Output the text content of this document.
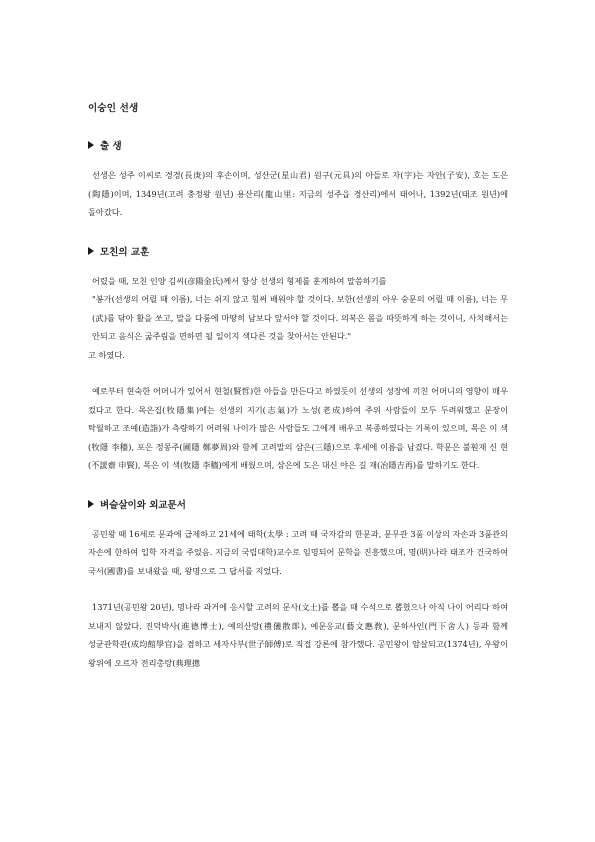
이숭인 선생
출 생

선생은 성주 이씨로 경경(長庚)의 후손이며, 성산군(星山君) 원구(元具)의 아들로 자(字)는 자안(子安), 호는 도은(陶隱)이며, 1349년(고려 충정왕 원년) 용산리(龍山里: 지금의 성주읍 경산리)에서 태어나, 1392년(태조 원년)에 돌아갔다.

모친의 교훈

어렸을 때, 모친 인양 김씨(彦陽金氏)께서 항상 선생의 형제를 훈계하여 말씀하기를

"봉가(선생의 어릴 때 이름), 너는 쉬지 않고 힘써 배워야 할 것이다. 보한(선생의 아우 숭문의 어릴 때 이름), 너는 무(武)를 닦아 활을 쏘고, 말을 다룸에 마땅히 남보다 앞서야 할 것이다. 의복은 몸을 따뜻하게 하는 것이니, 사치해서는 안되고 음식은 굶주림을 면하면 될 일이지 색다른 것을 찾아서는 안된다."

고 하였다.

예로부터 현숙한 어머니가 있어서 현철(賢哲)한 아들을 만든다고 하였듯이 선생의 성장에 끼친 어머니의 영향이 매우 컸다고 한다. 목은집(牧隱集)에는 선생의 지기(志氣)가 노성(老成)하여 주위 사람들이 모두 두려워했고 문장이 탁월하고 조예(造詣)가 측량하기 어려워 나이가 많은 사람들도 그에게 배우고 복종하였다는 기록이 있으며, 목은 이 색(牧隱 李穡), 포은 정몽주(圃隱 鄭夢周)와 함께 고려말의 삼은(三隱)으로 후세에 이름을 남겼다. 학문은 불훤재 신 현(不諼齋 申賢), 목은 이 색(牧隱 李穡)에게 배웠으며, 삼은에 도은 대신 야은 길 재(冶隱吉再)를 말하기도 한다.

벼슬살이와 외교문서

공민왕 때 16세로 문과에 급제하고 21세에 태학(太學 : 고려 때 국자감의 한문과, 문무관 3품 이상의 자손과 3품관의 자손에 한하여 입학 자격을 주었음. 지금의 국립대학)교수로 임명되어 문학을 진흥했으며, 명(明)나라 태조가 건국하여 국서(國書)를 보내왔을 때, 왕명으로 그 답서를 지었다.

1371년(공민왕 20년), 명나라 과거에 응시할 고려의 문사(文士)를 뽑을 때 수석으로 뽑혔으나 아직 나이 어리다 하여 보내지 않았다. 진덕박사(進德博士), 예의산랑(禮儀散郞), 예문응교(藝文應敎), 문하사인(門下舍人) 등과 함께 성균관학관(成均館學官)을 겸하고 세자사부(世子師傅)로 직접 강론에 참가했다. 공민왕이 암살되고(1374년), 우왕이 왕위에 오르자 전리총랑(典理摠
